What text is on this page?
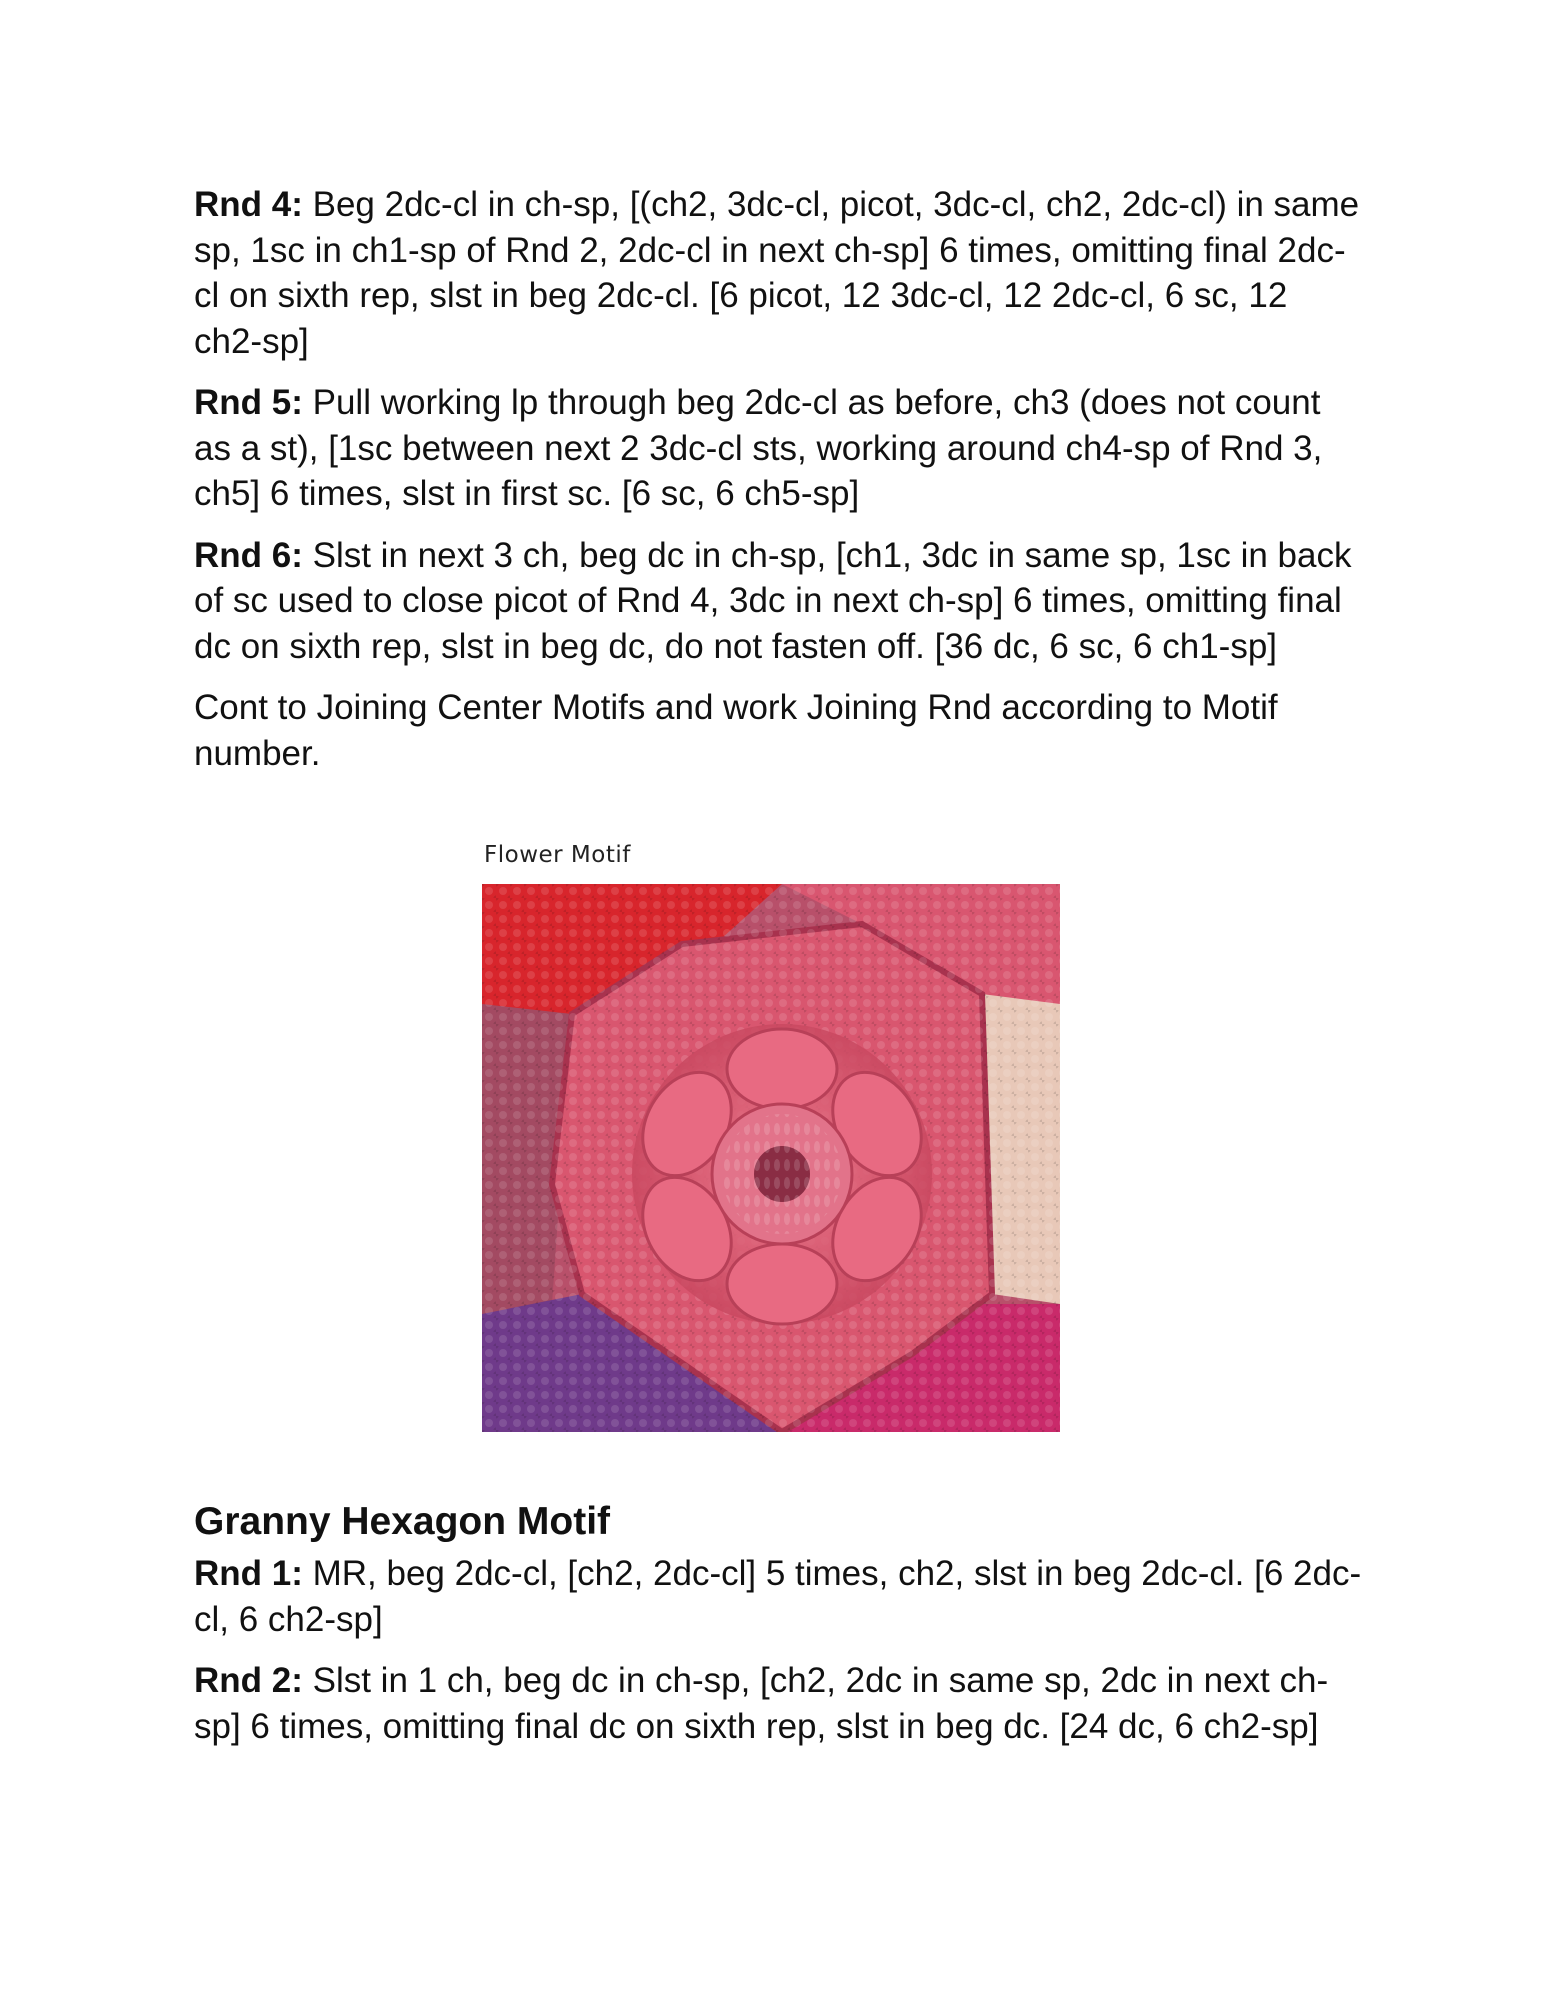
Rnd 4: Beg 2dc-cl in ch-sp, [(ch2, 3dc-cl, picot, 3dc-cl, ch2, 2dc-cl) in same sp, 1sc in ch1-sp of Rnd 2, 2dc-cl in next ch-sp] 6 times, omitting final 2dc-cl on sixth rep, slst in beg 2dc-cl. [6 picot, 12 3dc-cl, 12 2dc-cl, 6 sc, 12 ch2-sp]

Rnd 5: Pull working lp through beg 2dc-cl as before, ch3 (does not count as a st), [1sc between next 2 3dc-cl sts, working around ch4-sp of Rnd 3, ch5] 6 times, slst in first sc. [6 sc, 6 ch5-sp]

Rnd 6: Slst in next 3 ch, beg dc in ch-sp, [ch1, 3dc in same sp, 1sc in back of sc used to close picot of Rnd 4, 3dc in next ch-sp] 6 times, omitting final dc on sixth rep, slst in beg dc, do not fasten off. [36 dc, 6 sc, 6 ch1-sp]

Cont to Joining Center Motifs and work Joining Rnd according to Motif number.

Flower Motif
Granny Hexagon Motif

Rnd 1: MR, beg 2dc-cl, [ch2, 2dc-cl] 5 times, ch2, slst in beg 2dc-cl. [6 2dc-cl, 6 ch2-sp]

Rnd 2: Slst in 1 ch, beg dc in ch-sp, [ch2, 2dc in same sp, 2dc in next ch-sp] 6 times, omitting final dc on sixth rep, slst in beg dc. [24 dc, 6 ch2-sp]
